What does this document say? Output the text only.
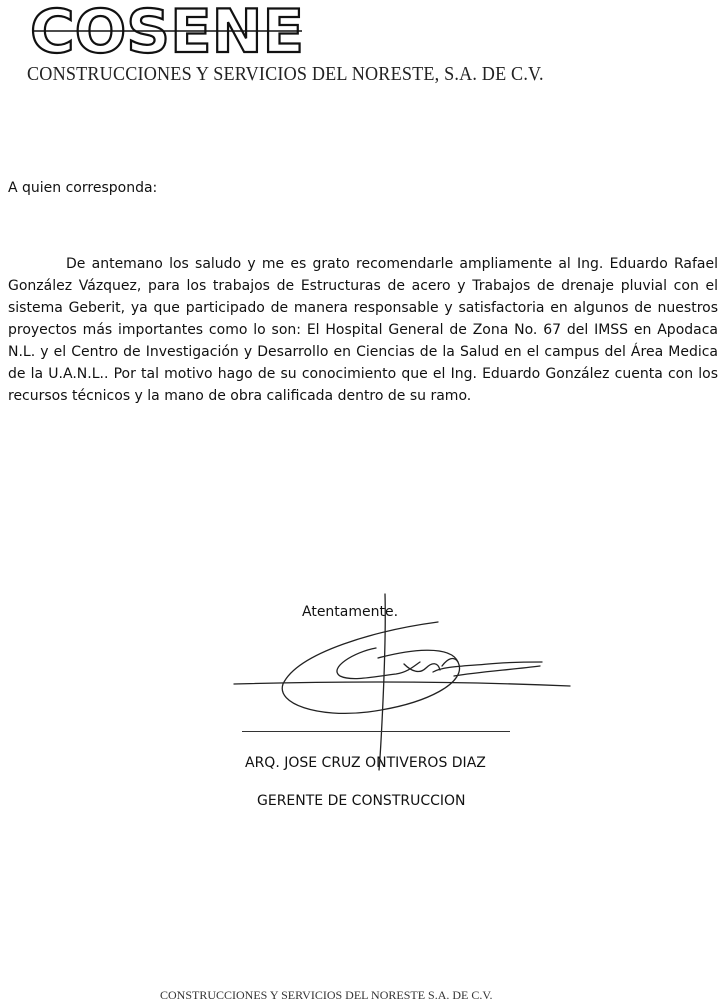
COSENE
CONSTRUCCIONES Y SERVICIOS DEL NORESTE, S.A. DE C.V.
A quien corresponda:

De antemano los saludo y me es grato recomendarle ampliamente al Ing. Eduardo Rafael González Vázquez, para los trabajos de Estructuras de acero y Trabajos de drenaje pluvial con el sistema Geberit, ya que participado de manera responsable y satisfactoria en algunos de nuestros proyectos más importantes como lo son: El Hospital General de Zona No. 67 del IMSS en Apodaca N.L. y el Centro de Investigación y Desarrollo en Ciencias de la Salud en el campus del Área Medica de la U.A.N.L.. Por tal motivo hago de su conocimiento que el Ing. Eduardo González cuenta con los recursos técnicos y la mano de obra calificada dentro de su ramo.

Atentamente.
ARQ. JOSE CRUZ ONTIVEROS DIAZ
GERENTE DE CONSTRUCCION
CONSTRUCCIONES Y SERVICIOS DEL NORESTE S.A. DE C.V.
